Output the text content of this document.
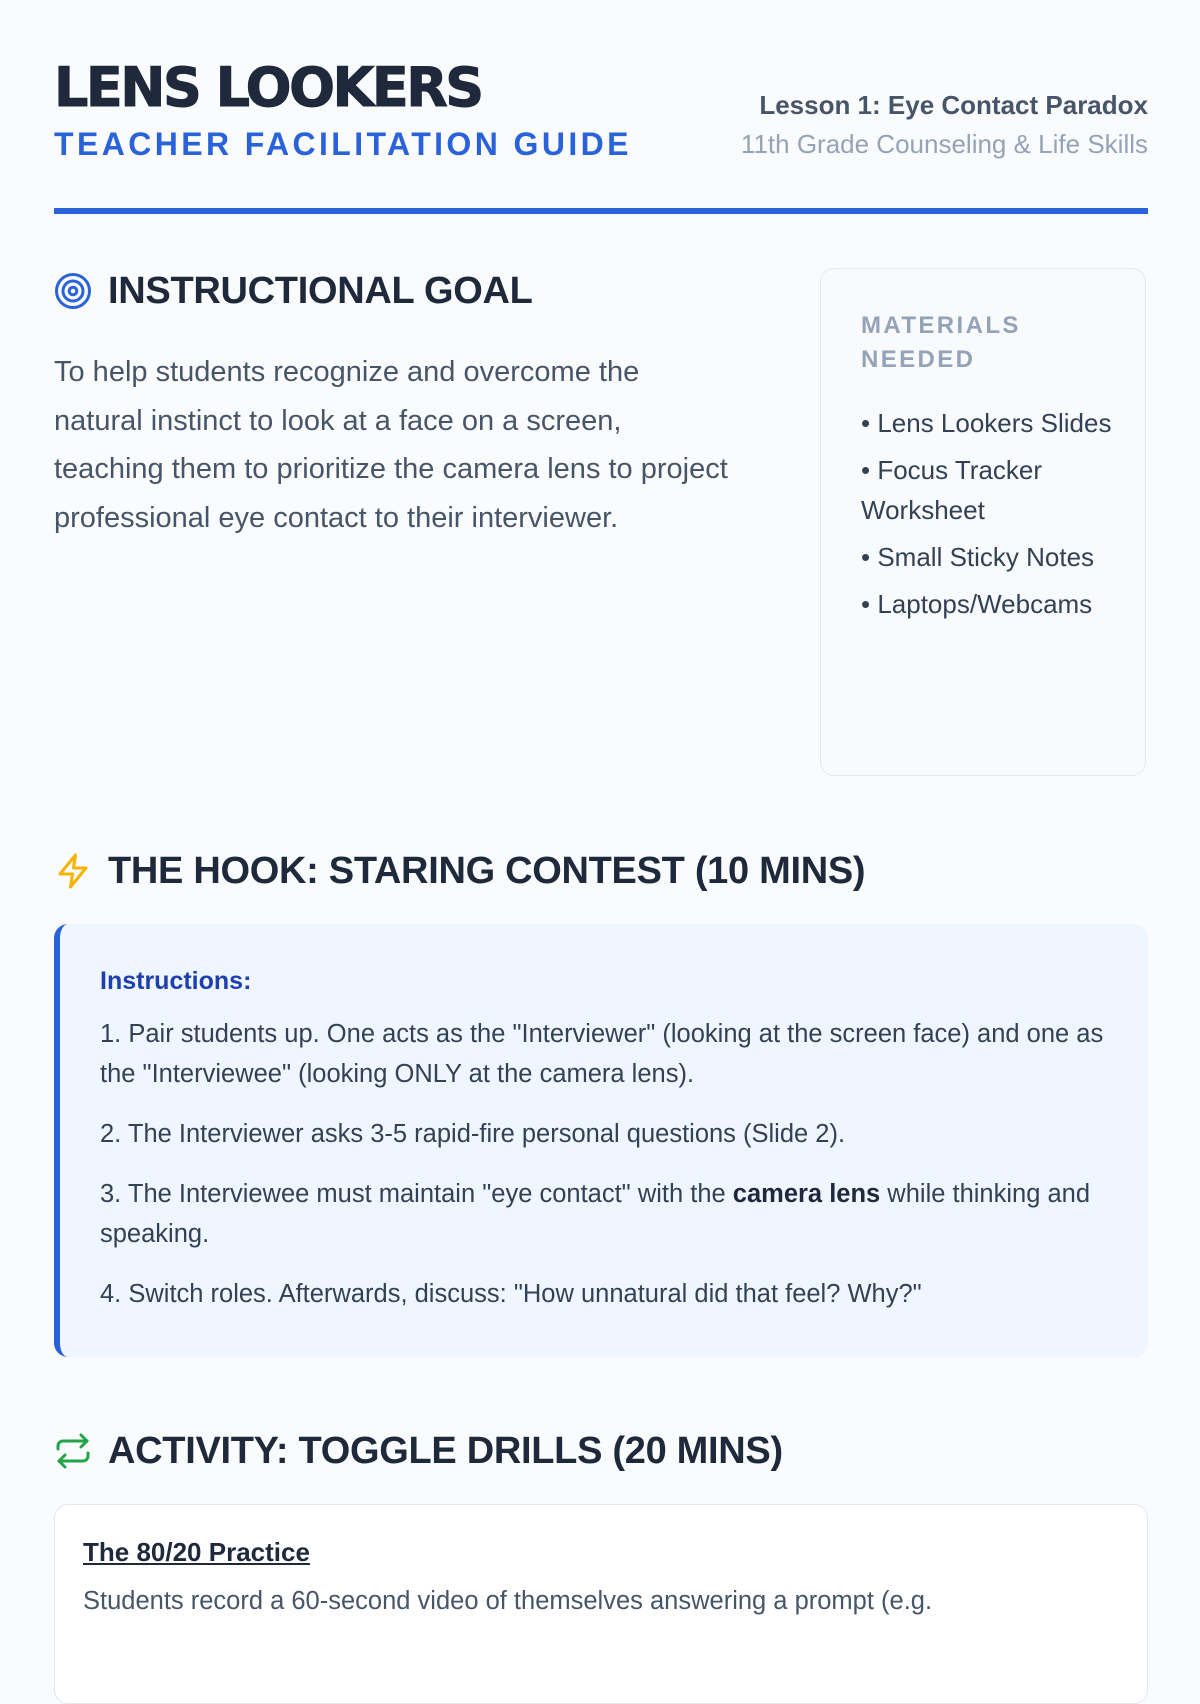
LENS LOOKERS
TEACHER FACILITATION GUIDE
Lesson 1: Eye Contact Paradox
11th Grade Counseling & Life Skills
INSTRUCTIONAL GOAL

To help students recognize and overcome the natural instinct to look at a face on a screen, teaching them to prioritize the camera lens to project professional eye contact to their interviewer.

MATERIALS NEEDED
• Lens Lookers Slides
• Focus Tracker Worksheet
• Small Sticky Notes
• Laptops/Webcams
THE HOOK: STARING CONTEST (10 MINS)
Instructions:

1. Pair students up. One acts as the "Interviewer" (looking at the screen face) and one as the "Interviewee" (looking ONLY at the camera lens).

2. The Interviewer asks 3-5 rapid-fire personal questions (Slide 2).

3. The Interviewee must maintain "eye contact" with the camera lens while thinking and speaking.

4. Switch roles. Afterwards, discuss: "How unnatural did that feel? Why?"

ACTIVITY: TOGGLE DRILLS (20 MINS)
The 80/20 Practice

Students record a 60-second video of themselves answering a prompt (e.g.
